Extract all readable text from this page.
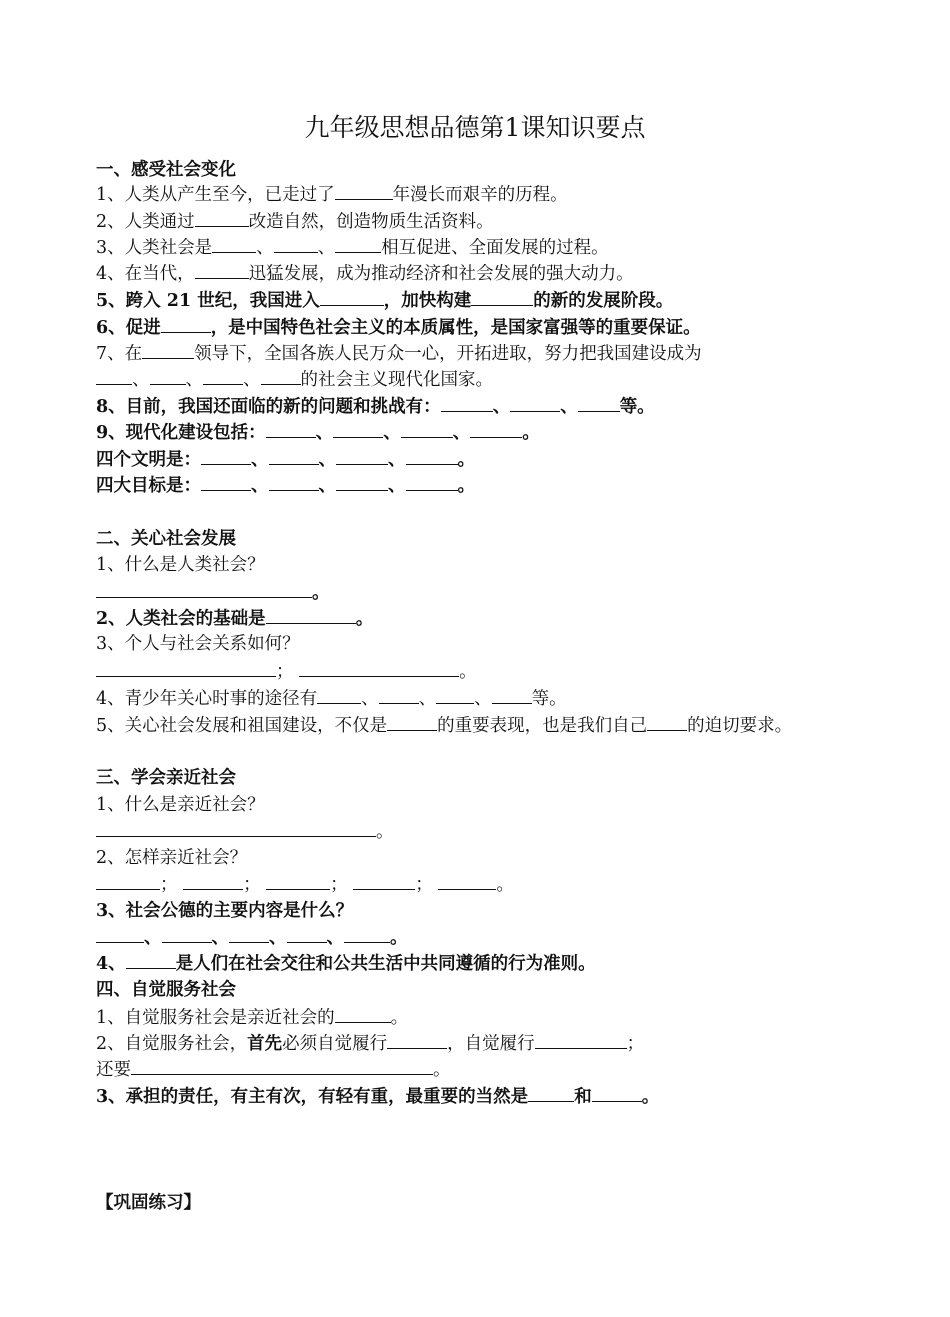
九年级思想品德第1课知识要点
一、感受社会变化
1、人类从产生至今，已走过了	年漫长而艰辛的历程。
2、人类通过	改造自然，创造物质生活资料。
3、人类社会是	、	、	相互促进、全面发展的过程。
4、在当代，	迅猛发展，成为推动经济和社会发展的强大动力。
5、跨入 21 世纪，我国进入	，加快构建	的新的发展阶段。
6、促进	，是中国特色社会主义的本质属性，是国家富强等的重要保证。
7、在	领导下，全国各族人民万众一心，开拓进取，努力把我国建设成为
、 、 、 的社会主义现代化国家。
8、目前，我国还面临的新的问题和挑战有：	、	、 等。
9、现代化建设包括：	、	、	、	。
四个文明是：	、	、	、	。
四大目标是：	、	、	、	。
二、关心社会发展
1、什么是人类社会？
。
2、人类社会的基础是	。
3、个人与社会关系如何？
；	。
4、青少年关心时事的途径有	、 、 、 等。
5、关心社会发展和祖国建设，不仅是	的重要表现，也是我们自己 的迫切要求。
三、学会亲近社会
1、什么是亲近社会？
。
2、怎样亲近社会？
；	；	；	；	。
3、社会公德的主要内容是什么？
、	、 、 、	。
4、	是人们在社会交往和公共生活中共同遵循的行为准则。
四、自觉服务社会
1、自觉服务社会是亲近社会的	。
2、自觉服务社会，首先必须自觉履行	，自觉履行	；
还要	。
3、承担的责任，有主有次，有轻有重，最重要的当然是	和	。
【巩固练习】
